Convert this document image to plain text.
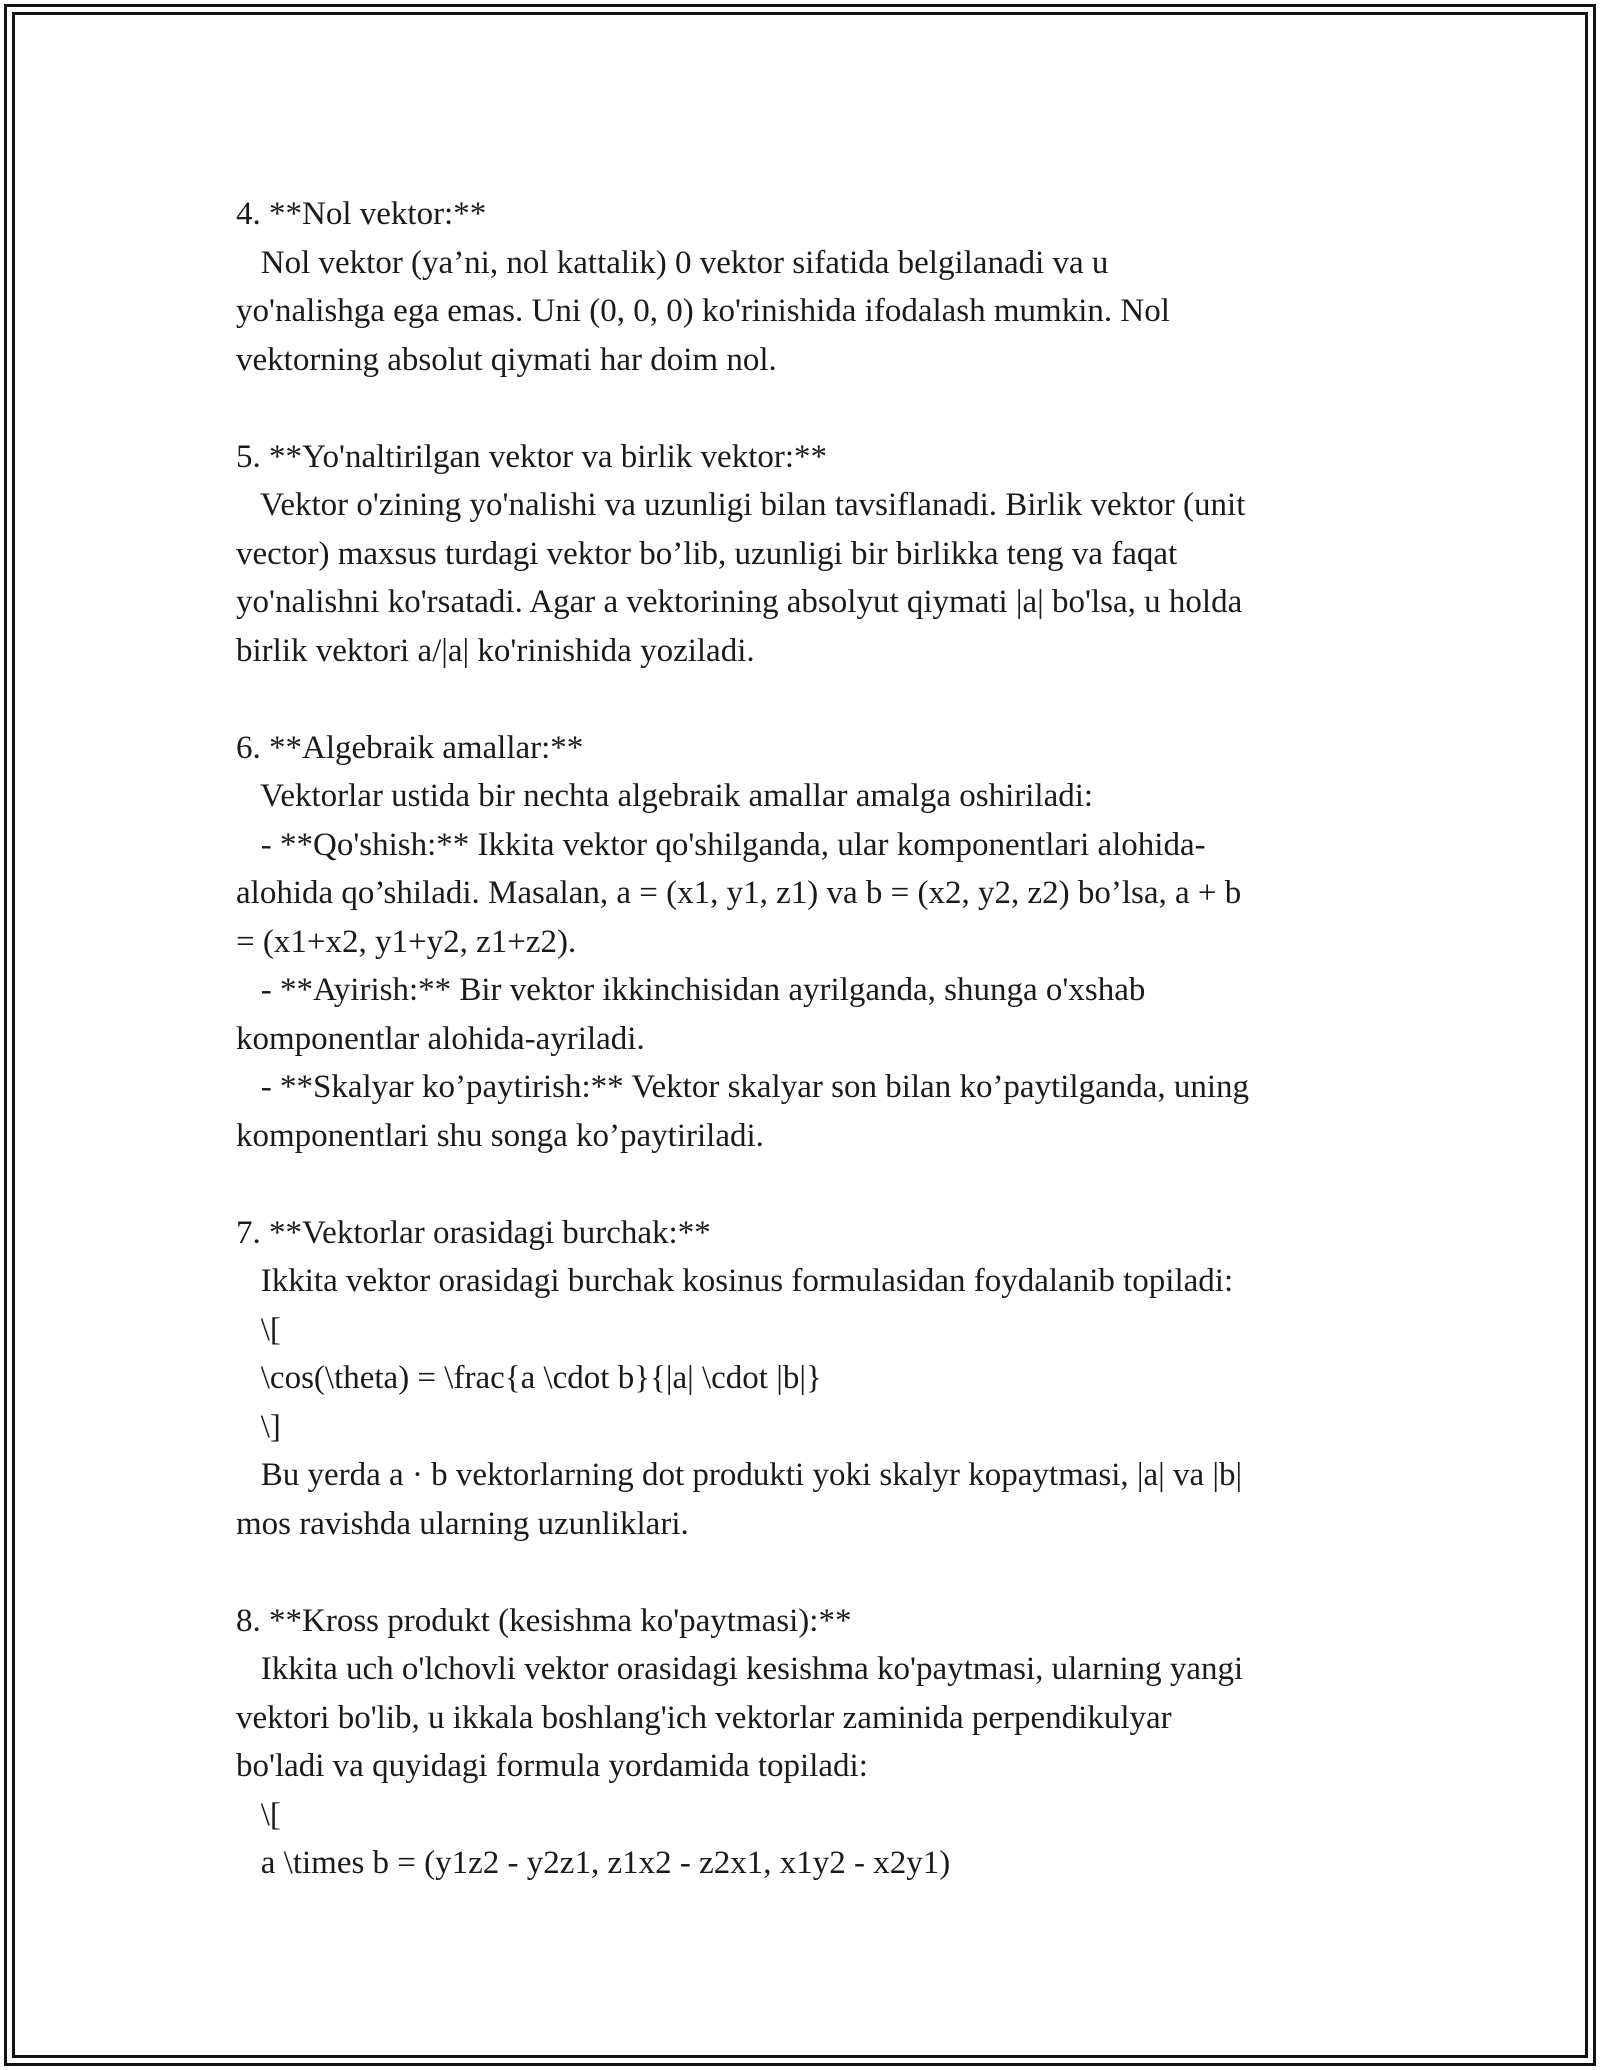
4. **Nol vektor:**
Nol vektor (ya’ni, nol kattalik) 0 vektor sifatida belgilanadi va u
yo'nalishga ega emas. Uni (0, 0, 0) ko'rinishida ifodalash mumkin. Nol
vektorning absolut qiymati har doim nol.
5. **Yo'naltirilgan vektor va birlik vektor:**
Vektor o'zining yo'nalishi va uzunligi bilan tavsiflanadi. Birlik vektor (unit
vector) maxsus turdagi vektor bo’lib, uzunligi bir birlikka teng va faqat
yo'nalishni ko'rsatadi. Agar a vektorining absolyut qiymati |a| bo'lsa, u holda
birlik vektori a/|a| ko'rinishida yoziladi.
6. **Algebraik amallar:**
Vektorlar ustida bir nechta algebraik amallar amalga oshiriladi:
- **Qo'shish:** Ikkita vektor qo'shilganda, ular komponentlari alohida-
alohida qo’shiladi. Masalan, a = (x1, y1, z1) va b = (x2, y2, z2) bo’lsa, a + b
= (x1+x2, y1+y2, z1+z2).
- **Ayirish:** Bir vektor ikkinchisidan ayrilganda, shunga o'xshab
komponentlar alohida-ayriladi.
- **Skalyar ko’paytirish:** Vektor skalyar son bilan ko’paytilganda, uning
komponentlari shu songa ko’paytiriladi.
7. **Vektorlar orasidagi burchak:**
Ikkita vektor orasidagi burchak kosinus formulasidan foydalanib topiladi:
\[
\cos(\theta) = \frac{a \cdot b}{|a| \cdot |b|}
\]
Bu yerda a · b vektorlarning dot produkti yoki skalyr kopaytmasi, |a| va |b|
mos ravishda ularning uzunliklari.
8. **Kross produkt (kesishma ko'paytmasi):**
Ikkita uch o'lchovli vektor orasidagi kesishma ko'paytmasi, ularning yangi
vektori bo'lib, u ikkala boshlang'ich vektorlar zaminida perpendikulyar
bo'ladi va quyidagi formula yordamida topiladi:
\[
a \times b = (y1z2 - y2z1, z1x2 - z2x1, x1y2 - x2y1)
